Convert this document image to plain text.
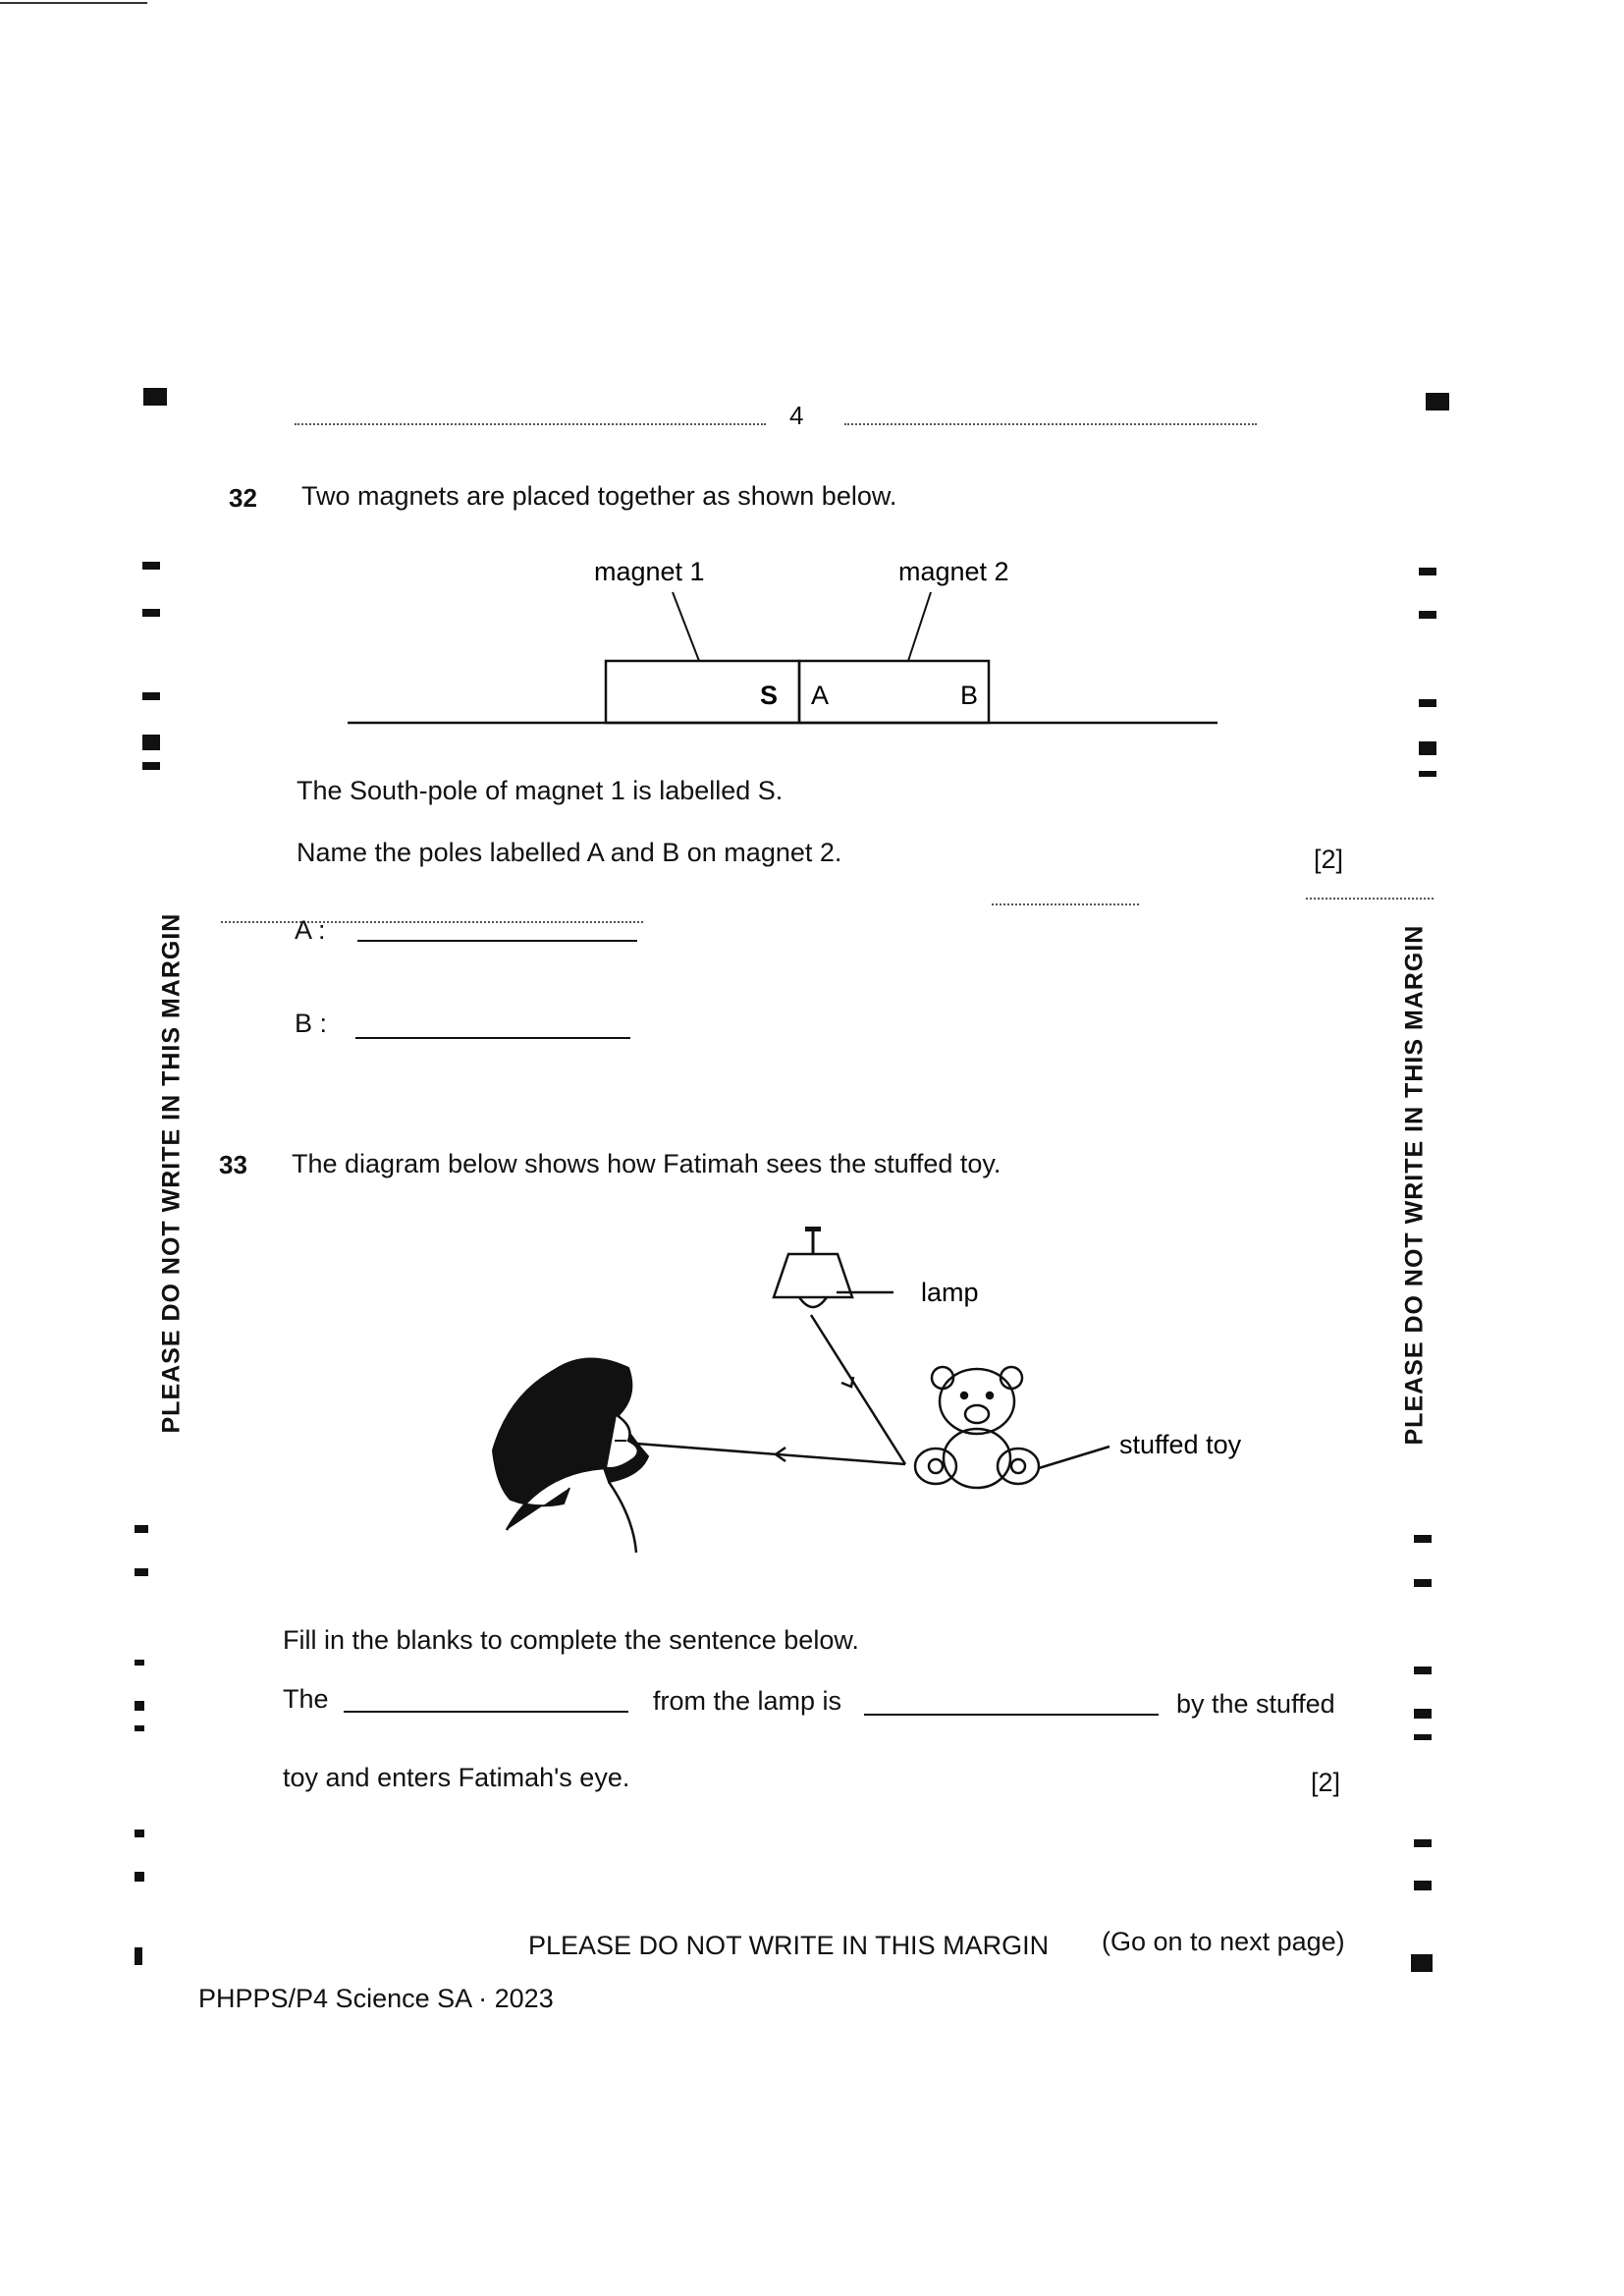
4
32 Two magnets are placed together as shown below.
magnet 1	magnet 2
S A	B
The South-pole of magnet 1 is labelled S.
Name the poles labelled A and B on magnet 2.	[2]
A :
B :
33 The diagram below shows how Fatimah sees the stuffed toy.
lamp
stuffed toy
Fill in the blanks to complete the sentence below.
The	from the lamp is	by the stuffed
toy and enters Fatimah's eye.	[2]
PLEASE DO NOT WRITE IN THIS MARGIN	PLEASE DO NOT WRITE IN THIS MARGIN
PLEASE DO NOT WRITE IN THIS MARGIN (Go on to next page)
PHPPS/P4 Science SA · 2023
